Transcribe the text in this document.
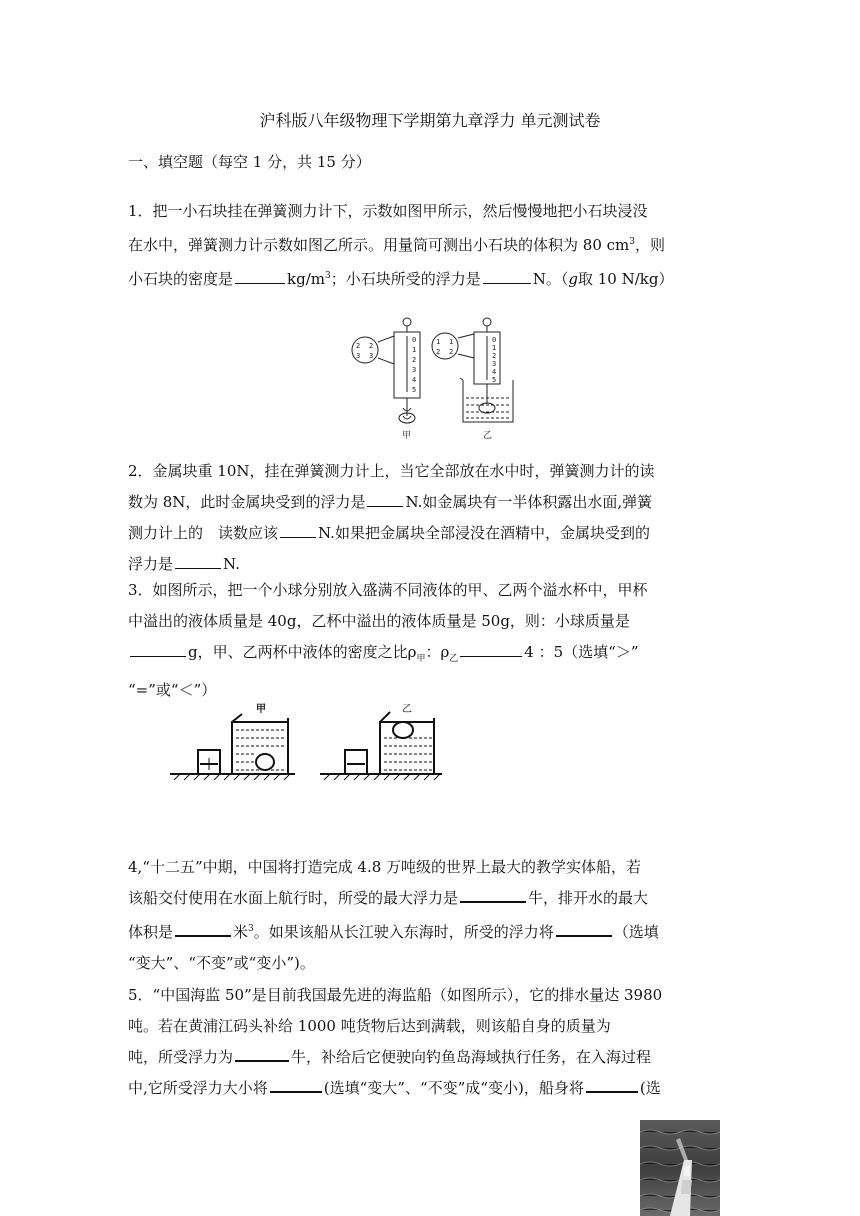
沪科版八年级物理下学期第九章浮力 单元测试卷
一、填空题（每空 1 分，共 15 分）
1．把一小石块挂在弹簧测力计下，示数如图甲所示，然后慢慢地把小石块浸没
在水中，弹簧测力计示数如图乙所示。用量筒可测出小石块的体积为 80 $cm^3$，则
小石块的密度是	$kg/m^3$；小石块所受的浮力是	N。（g取 10 N/kg）
0
1
2
3
4
5
0
1
2
3
4
5
2
3
2
3
1
2
1
2
甲	乙
2．金属块重 10N，挂在弹簧测力计上，当它全部放在水中时，弹簧测力计的读
数为 8N，此时金属块受到的浮力是	N.如金属块有一半体积露出水面,弹簧
测力计上的　读数应该	N.如果把金属块全部浸没在酒精中，金属块受到的
浮力是	N.
3．如图所示，把一个小球分别放入盛满不同液体的甲、乙两个溢水杯中，甲杯
中溢出的液体质量是 40g，乙杯中溢出的液体质量是 50g，则：小球质量是
g，甲、乙两杯中液体的密度之比$\rho_甲$：$\rho_乙$	4 ：5（选填“＞”
“=”或“＜”）
甲	乙
4,“十二五”中期，中国将打造完成 4.8 万吨级的世界上最大的教学实体船，若
该船交付使用在水面上航行时，所受的最大浮力是	牛，排开水的最大
体积是	米$^3$。如果该船从长江驶入东海时，所受的浮力将	（选填
“变大”、“不变”或“变小”)。
5．“中国海监 50”是目前我国最先进的海监船（如图所示），它的排水量达 3980
吨。若在黄浦江码头补给 1000 吨货物后达到满载，则该船自身的质量为
吨，所受浮力为	牛，补给后它便驶向钓鱼岛海域执行任务，在入海过程
中,它所受浮力大小将	(选填“变大”、“不变”成“变小)，船身将	(选
